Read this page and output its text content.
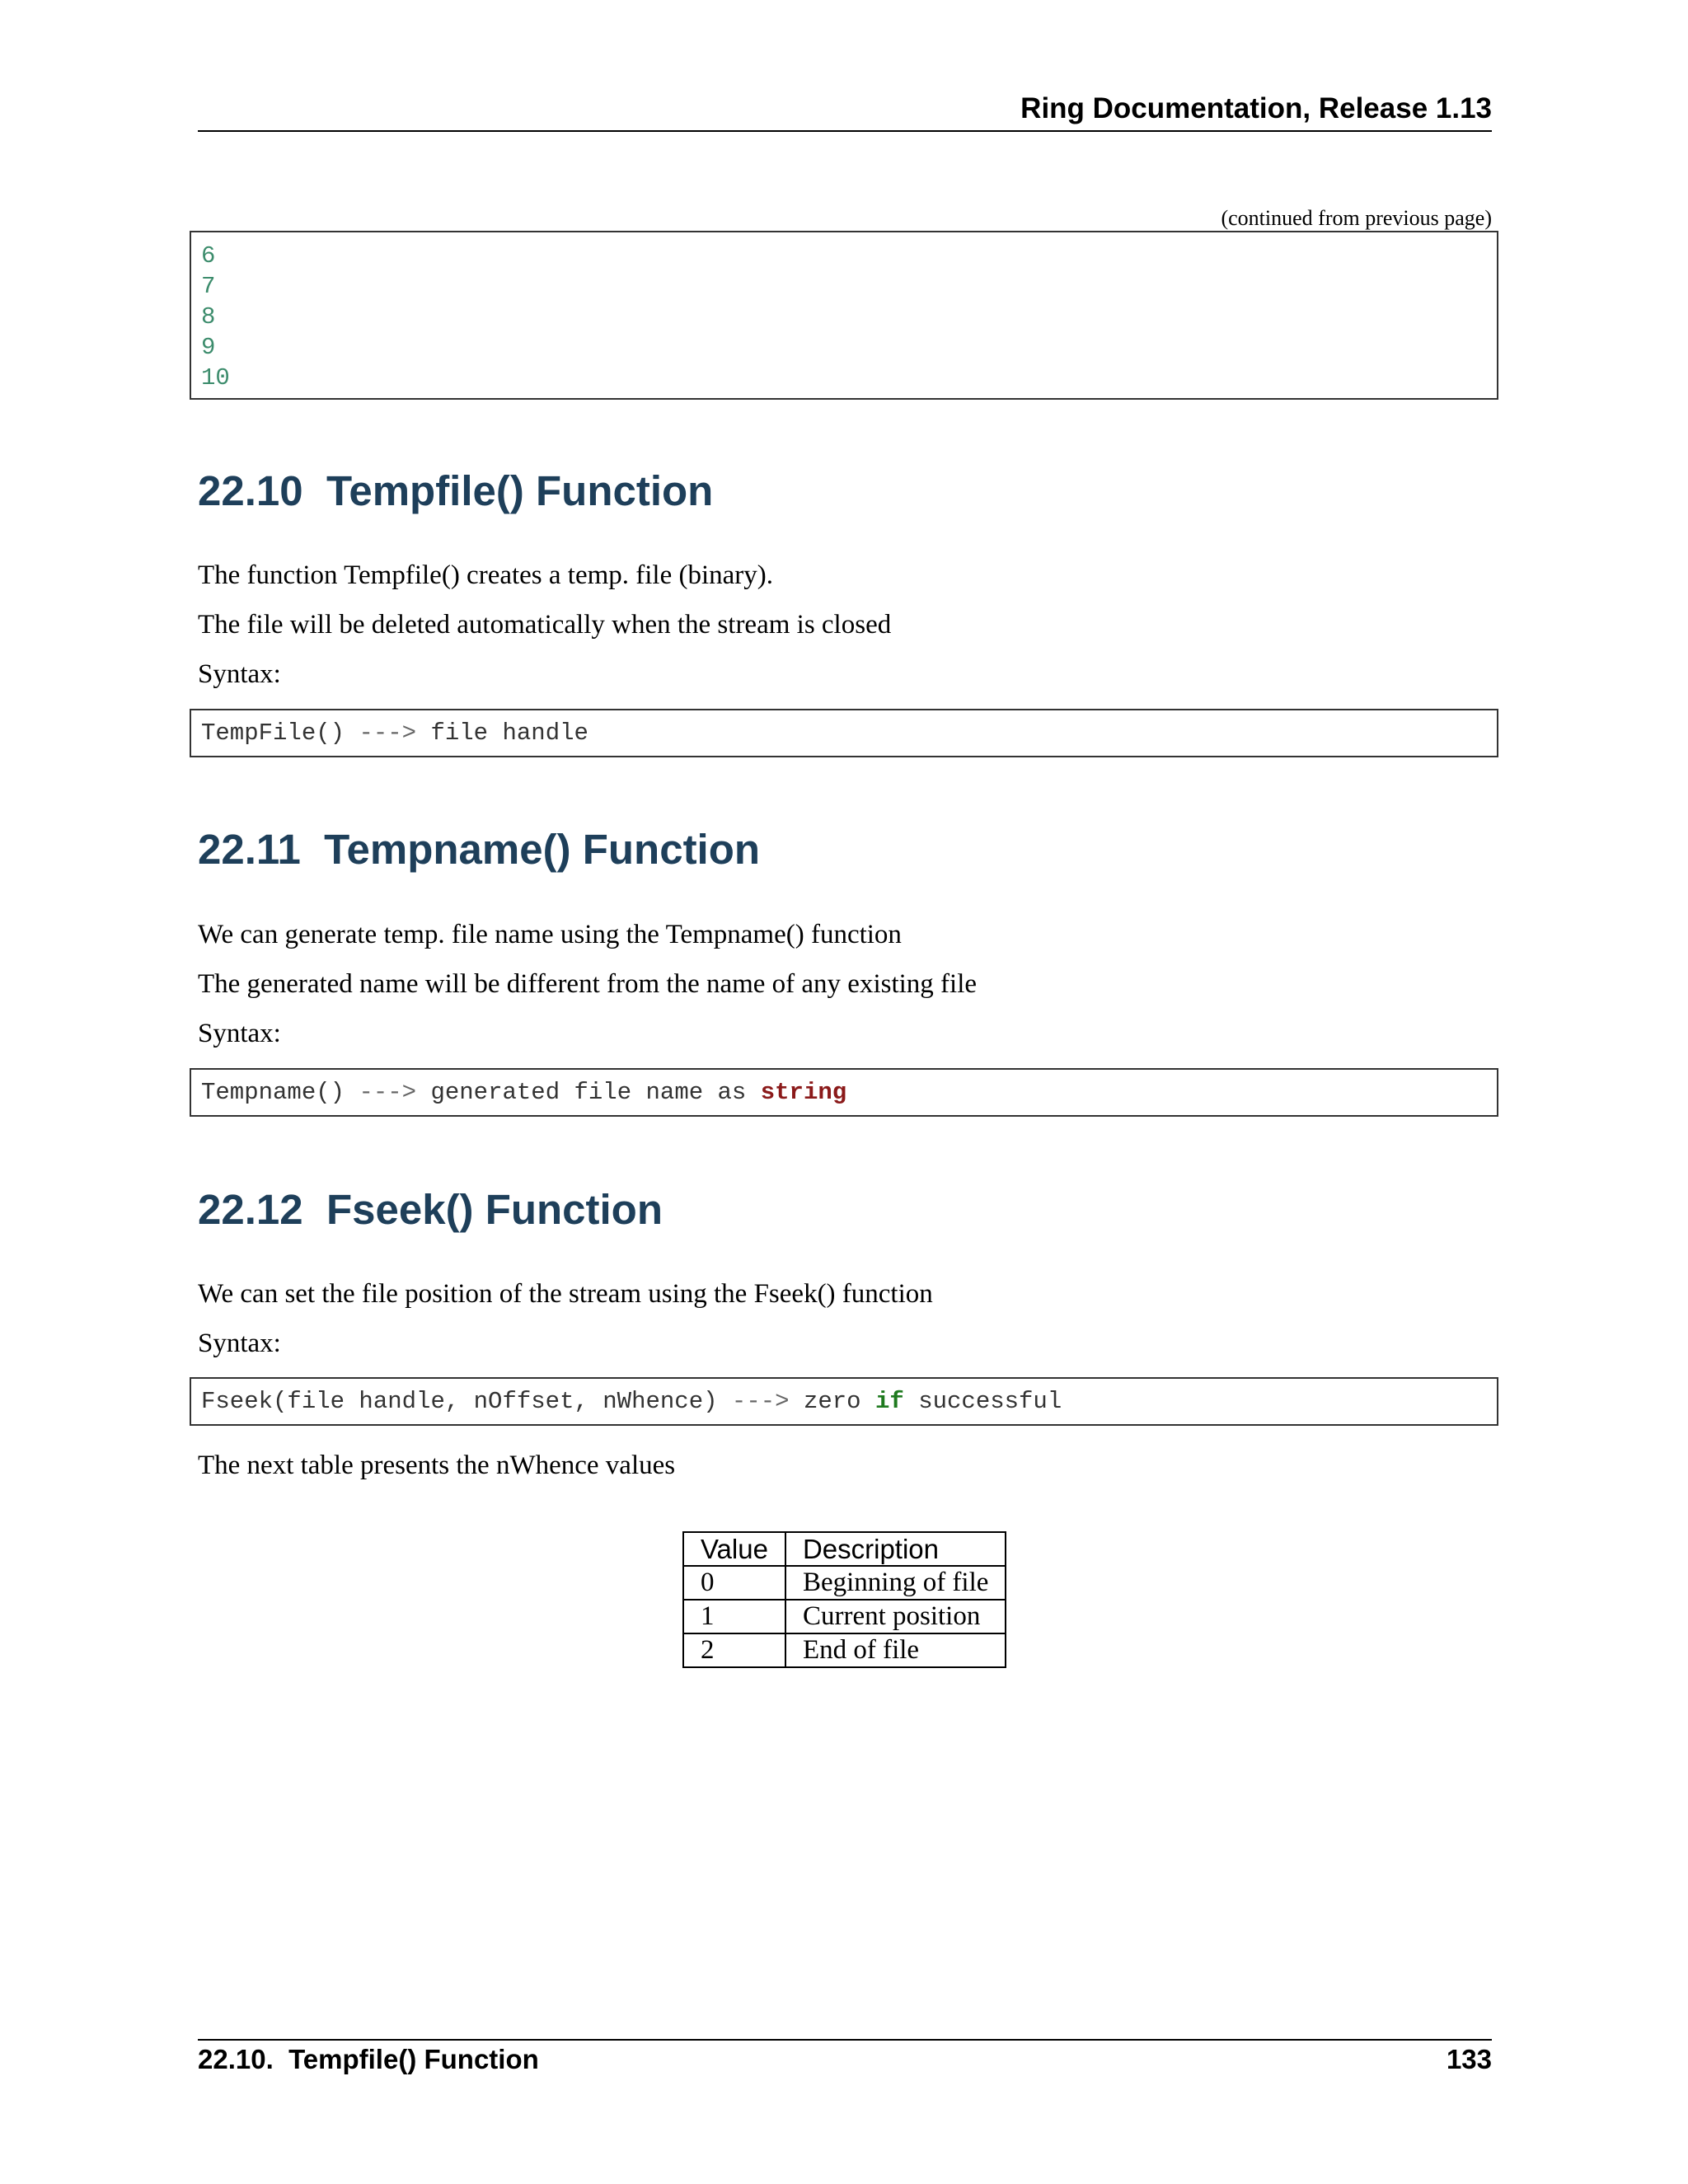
Ring Documentation, Release 1.13
(continued from previous page)
6
7
8
9
10
22.10  Tempfile() Function
The function Tempfile() creates a temp. file (binary).
The file will be deleted automatically when the stream is closed
Syntax:
TempFile() ---> file handle
22.11  Tempname() Function
We can generate temp. file name using the Tempname() function
The generated name will be different from the name of any existing file
Syntax:
Tempname() ---> generated file name as string
22.12  Fseek() Function
We can set the file position of the stream using the Fseek() function
Syntax:
Fseek(file handle, nOffset, nWhence) ---> zero if successful
The next table presents the nWhence values
Value	Description
0	Beginning of file
1	Current position
2	End of file
22.10.  Tempfile() Function	133
